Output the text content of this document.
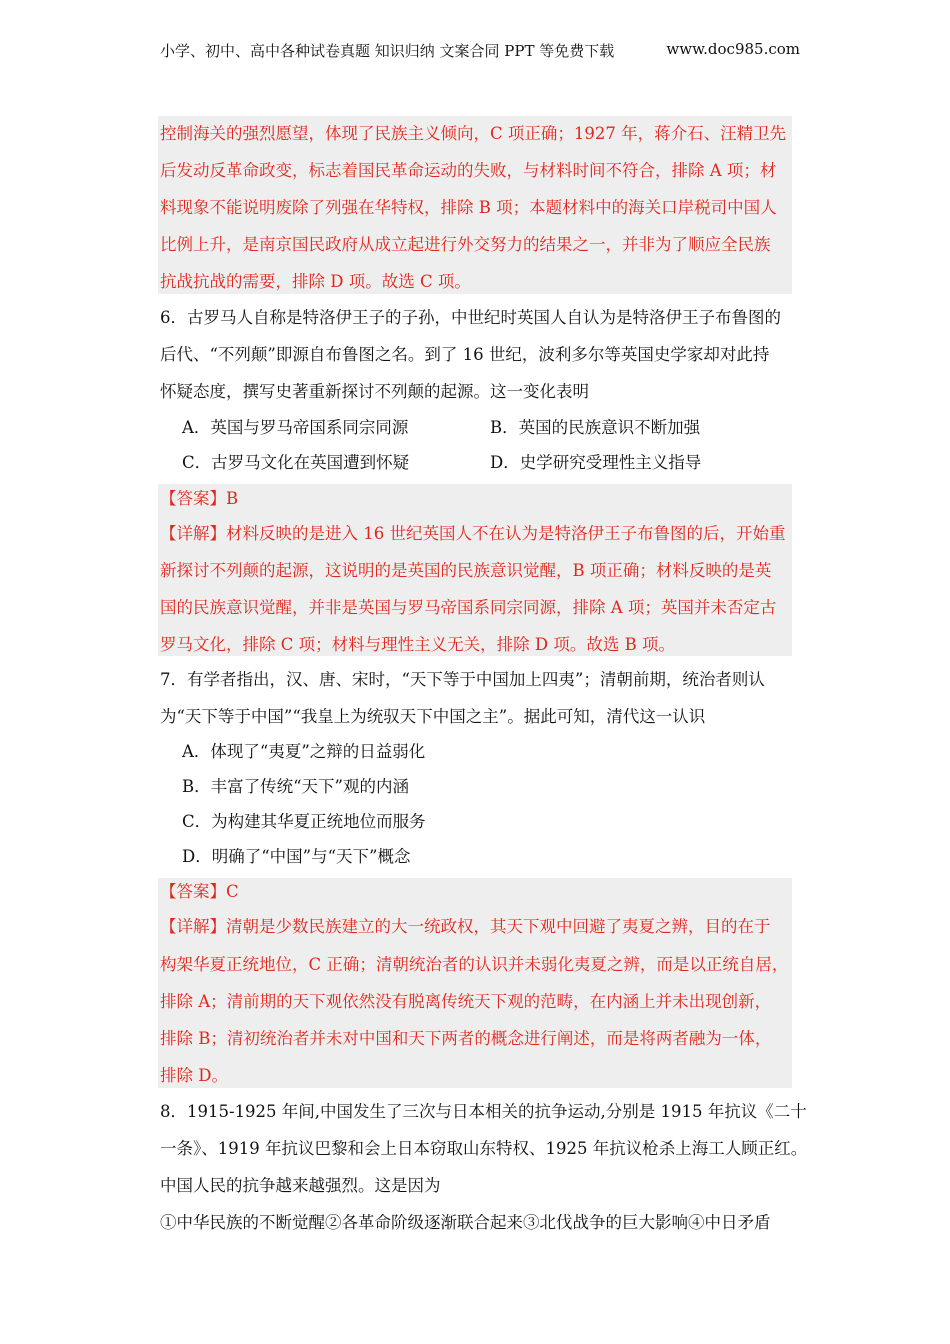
小学、初中、高中各种试卷真题 知识归纳 文案合同 PPT 等免费下载	www.doc985.com
控制海关的强烈愿望，体现了民族主义倾向，C 项正确；1927 年，蒋介石、汪精卫先
后发动反革命政变，标志着国民革命运动的失败，与材料时间不符合，排除 A 项；材
料现象不能说明废除了列强在华特权，排除 B 项；本题材料中的海关口岸税司中国人
比例上升，是南京国民政府从成立起进行外交努力的结果之一，并非为了顺应全民族
抗战抗战的需要，排除 D 项。故选 C 项。
6．古罗马人自称是特洛伊王子的子孙，中世纪时英国人自认为是特洛伊王子布鲁图的
后代、“不列颠”即源自布鲁图之名。到了 16 世纪，波利多尔等英国史学家却对此持
怀疑态度，撰写史著重新探讨不列颠的起源。这一变化表明
A．英国与罗马帝国系同宗同源	B．英国的民族意识不断加强
C．古罗马文化在英国遭到怀疑	D．史学研究受理性主义指导
【答案】B
【详解】材料反映的是进入 16 世纪英国人不在认为是特洛伊王子布鲁图的后，开始重
新探讨不列颠的起源，这说明的是英国的民族意识觉醒，B 项正确；材料反映的是英
国的民族意识觉醒，并非是英国与罗马帝国系同宗同源，排除 A 项；英国并未否定古
罗马文化，排除 C 项；材料与理性主义无关，排除 D 项。故选 B 项。
7．有学者指出，汉、唐、宋时，“天下等于中国加上四夷”；清朝前期，统治者则认
为“天下等于中国”“我皇上为统驭天下中国之主”。据此可知，清代这一认识
A．体现了“夷夏”之辩的日益弱化
B．丰富了传统“天下”观的内涵
C．为构建其华夏正统地位而服务
D．明确了“中国”与“天下”概念
【答案】C
【详解】清朝是少数民族建立的大一统政权，其天下观中回避了夷夏之辨，目的在于
构架华夏正统地位，C 正确；清朝统治者的认识并未弱化夷夏之辨，而是以正统自居，
排除 A；清前期的天下观依然没有脱离传统天下观的范畴，在内涵上并未出现创新，
排除 B；清初统治者并未对中国和天下两者的概念进行阐述，而是将两者融为一体，
排除 D。
8．1915-1925 年间,中国发生了三次与日本相关的抗争运动,分别是 1915 年抗议《二十
一条》、1919 年抗议巴黎和会上日本窃取山东特权、1925 年抗议枪杀上海工人顾正红。
中国人民的抗争越来越强烈。这是因为
①中华民族的不断觉醒②各革命阶级逐渐联合起来③北伐战争的巨大影响④中日矛盾
